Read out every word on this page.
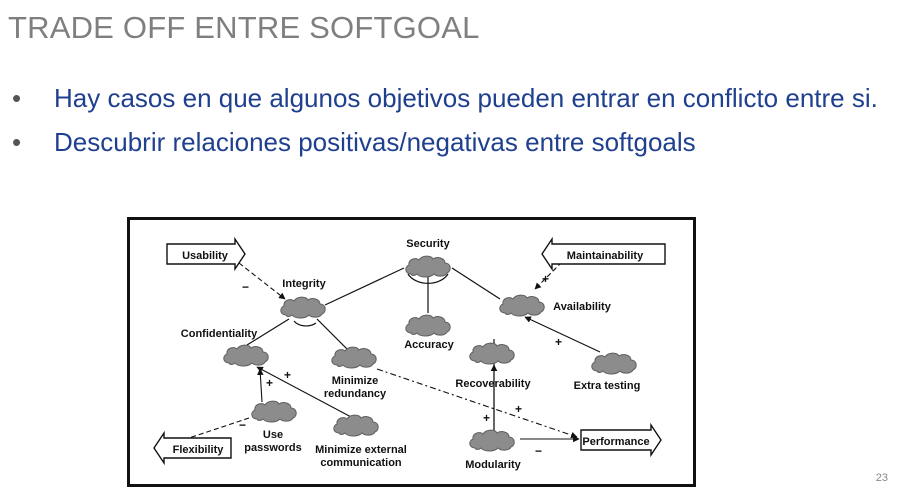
TRADE OFF ENTRE SOFTGOAL
• Hay casos en que algunos objetivos pueden entrar en conflicto entre si.
• Descubrir relaciones positivas/negativas entre softgoals
−
+
+
+
−
+
+
−
+
Security
Integrity
Confidentiality
Minimize
redundancy
Accuracy
Availability
Recoverability	Extra testing
Use
passwords Minimize external
communication	Modularity
Usability	Maintainability
Flexibility
Performance
23
